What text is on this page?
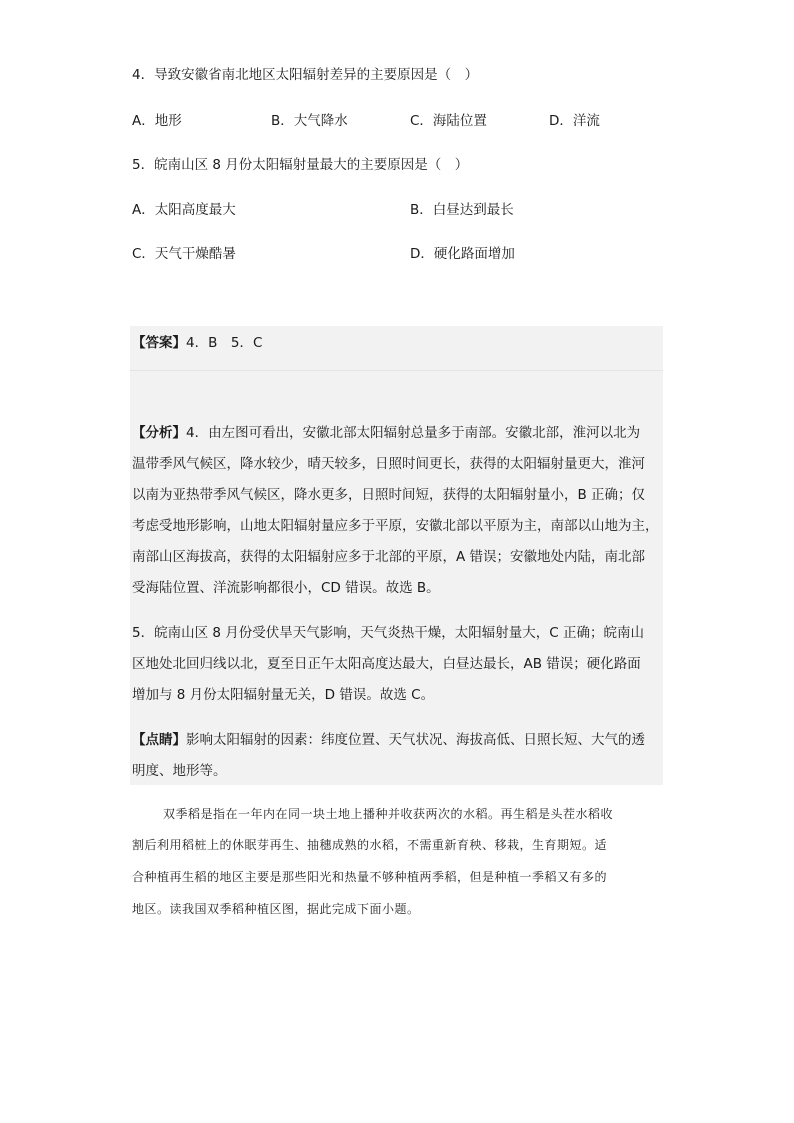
4．导致安徽省南北地区太阳辐射差异的主要原因是（　）
A．地形	B．大气降水	C．海陆位置	D．洋流
5．皖南山区 8 月份太阳辐射量最大的主要原因是（　）
A．太阳高度最大	B．白昼达到最长
C．天气干燥酷暑	D．硬化路面增加
【答案】4．B　5．C
【分析】4．由左图可看出，安徽北部太阳辐射总量多于南部。安徽北部，淮河以北为
温带季风气候区，降水较少，晴天较多，日照时间更长，获得的太阳辐射量更大，淮河
以南为亚热带季风气候区，降水更多，日照时间短，获得的太阳辐射量小，B 正确；仅
考虑受地形影响，山地太阳辐射量应多于平原，安徽北部以平原为主，南部以山地为主，
南部山区海拔高，获得的太阳辐射应多于北部的平原，A 错误；安徽地处内陆，南北部
受海陆位置、洋流影响都很小，CD 错误。故选 B。
5．皖南山区 8 月份受伏旱天气影响，天气炎热干燥，太阳辐射量大，C 正确；皖南山
区地处北回归线以北，夏至日正午太阳高度达最大，白昼达最长，AB 错误；硬化路面
增加与 8 月份太阳辐射量无关，D 错误。故选 C。
【点睛】影响太阳辐射的因素：纬度位置、天气状况、海拔高低、日照长短、大气的透
明度、地形等。
双季稻是指在一年内在同一块土地上播种并收获两次的水稻。再生稻是头茬水稻收
割后利用稻桩上的休眠芽再生、抽穗成熟的水稻，不需重新育秧、移栽，生育期短。适
合种植再生稻的地区主要是那些阳光和热量不够种植两季稻，但是种植一季稻又有多的
地区。读我国双季稻种植区图，据此完成下面小题。
